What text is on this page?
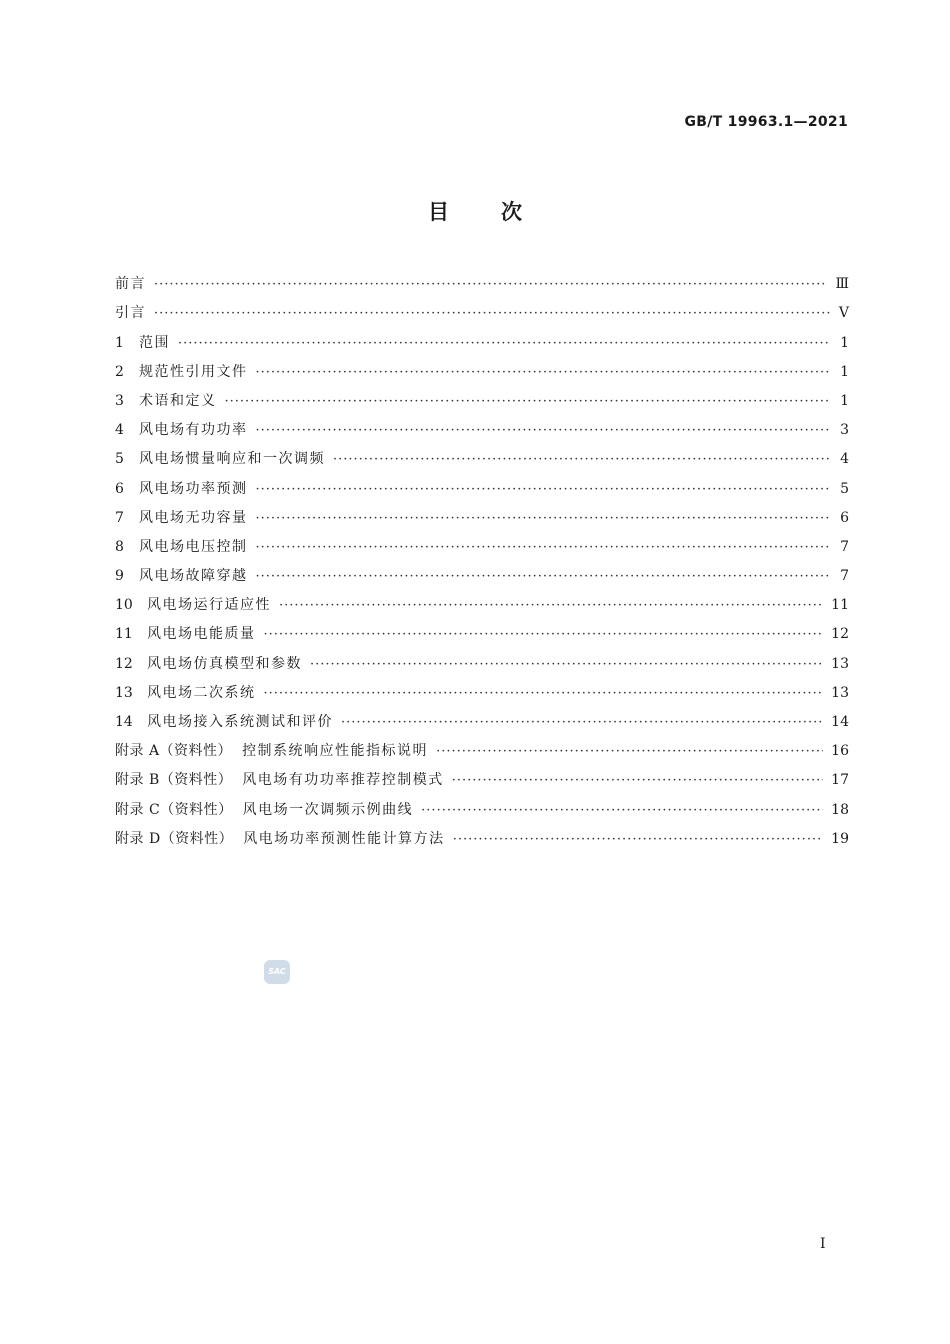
GB/T 19963.1—2021
目次
前言 ·····	Ⅲ
引言 ·····	Ⅴ
1	范围 ·····	1
2	规范性引用文件 ·····	1
3	术语和定义 ·····	1
4	风电场有功功率 ·····	3
5	风电场惯量响应和一次调频 ·····	4
6	风电场功率预测 ·····	5
7	风电场无功容量 ·····	6
8	风电场电压控制 ·····	7
9	风电场故障穿越 ·····	7
10	风电场运行适应性 ·····	11
11	风电场电能质量 ·····	12
12	风电场仿真模型和参数 ·····	13
13	风电场二次系统 ·····	13
14	风电场接入系统测试和评价 ·····	14
附录 A（资料性） 控制系统响应性能指标说明 ·····	16
附录 B（资料性） 风电场有功功率推荐控制模式 ·····	17
附录 C（资料性） 风电场一次调频示例曲线 ·····	18
附录 D（资料性） 风电场功率预测性能计算方法 ·····	19
SAC
I
